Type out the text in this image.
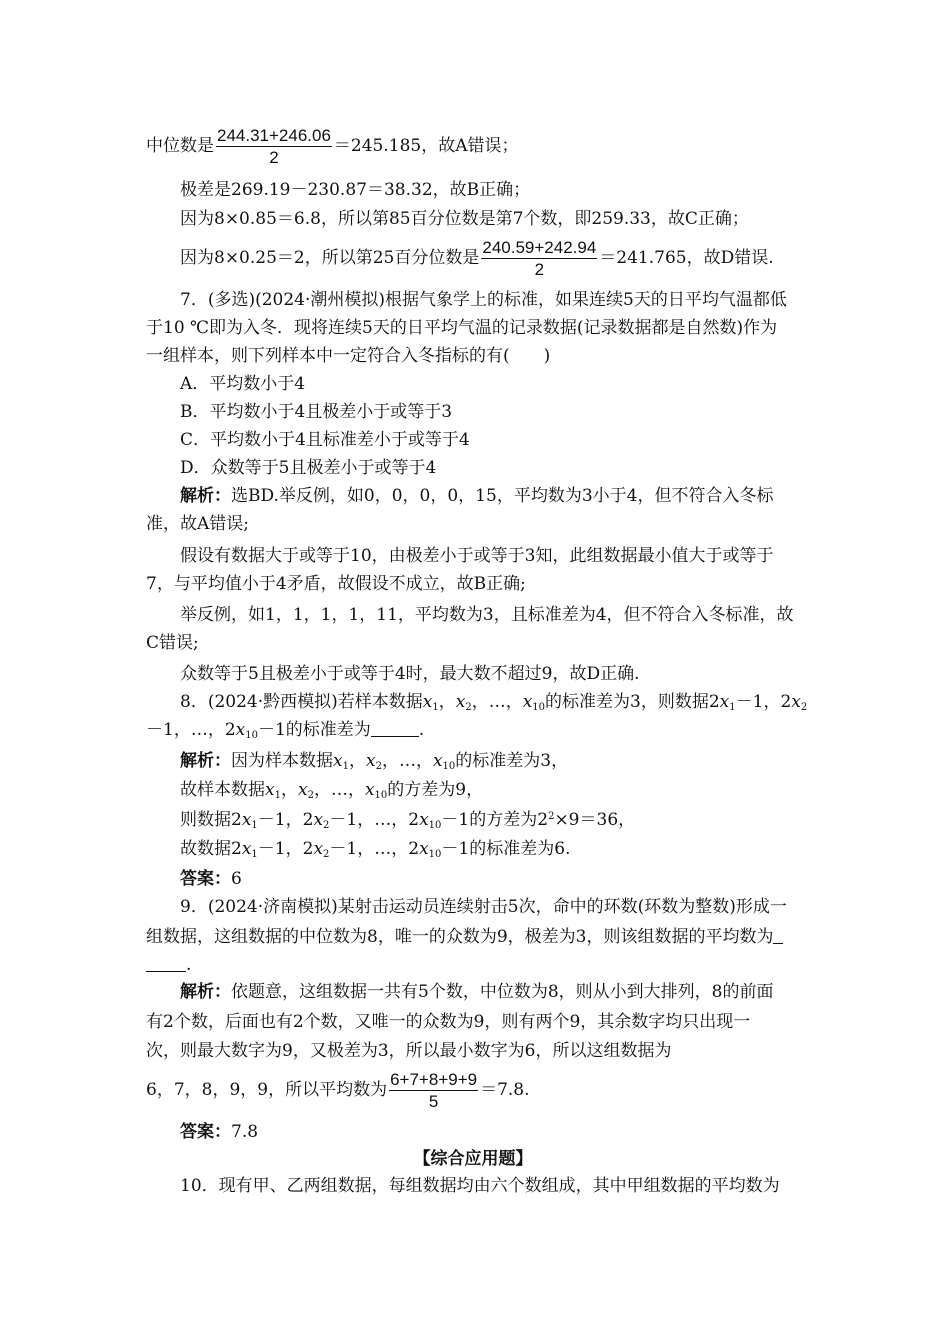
中位数是 $\frac{244.31+246.06}{2} =245.185$，故A错误；
极差是269.19－230.87＝38.32，故B正确；
因为8×0.85＝6.8，所以第85百分位数是第7个数，即259.33，故C正确；
因为8×0.25＝2，所以第25百分位数是 $\frac{240.59+242.94}{2} =241.765$，故D错误.
7．(多选)(2024·潮州模拟)根据气象学上的标准，如果连续5天的日平均气温都低
于10 ℃即为入冬．现将连续5天的日平均气温的记录数据(记录数据都是自然数)作为
一组样本，则下列样本中一定符合入冬指标的有(　　)
A．平均数小于4
B．平均数小于4且极差小于或等于3
C．平均数小于4且标准差小于或等于4
D．众数等于5且极差小于或等于4
解析：选BD.举反例，如0，0，0，0，15，平均数为3小于4，但不符合入冬标
准，故A错误;
假设有数据大于或等于10，由极差小于或等于3知，此组数据最小值大于或等于
7，与平均值小于4矛盾，故假设不成立，故B正确;
举反例，如1，1，1，1，11，平均数为3，且标准差为4，但不符合入冬标准，故
C错误;
众数等于5且极差小于或等于4时，最大数不超过9，故D正确.
8．(2024·黔西模拟)若样本数据$x_1$，$x_2$，…，$x_{10}$的标准差为3，则数据$2x_1-1$，$2x_2$
－1，…，$2x_{10}-1$的标准差为	.
解析：因为样本数据$x_1$，$x_2$，…，$x_{10}$的标准差为3，
故样本数据$x_1$，$x_2$，…，$x_{10}$的方差为9，
则数据$2x_1-1$，$2x_2-1$，…，$2x_{10}-1$的方差为$2^2\times 9=36$，
故数据$2x_1-1$，$2x_2-1$，…，$2x_{10}-1$的标准差为6.
答案：6
9．(2024·济南模拟)某射击运动员连续射击5次，命中的环数(环数为整数)形成一
组数据，这组数据的中位数为8，唯一的众数为9，极差为3，则该组数据的平均数为
.
解析：依题意，这组数据一共有5个数，中位数为8，则从小到大排列，8的前面
有2个数，后面也有2个数，又唯一的众数为9，则有两个9，其余数字均只出现一
次，则最大数字为9，又极差为3，所以最小数字为6，所以这组数据为
6，7，8，9，9，所以平均数为 $\frac{6+7+8+9+9}{5} =7.8$.
答案：7.8
【综合应用题】
10．现有甲、乙两组数据，每组数据均由六个数组成，其中甲组数据的平均数为
